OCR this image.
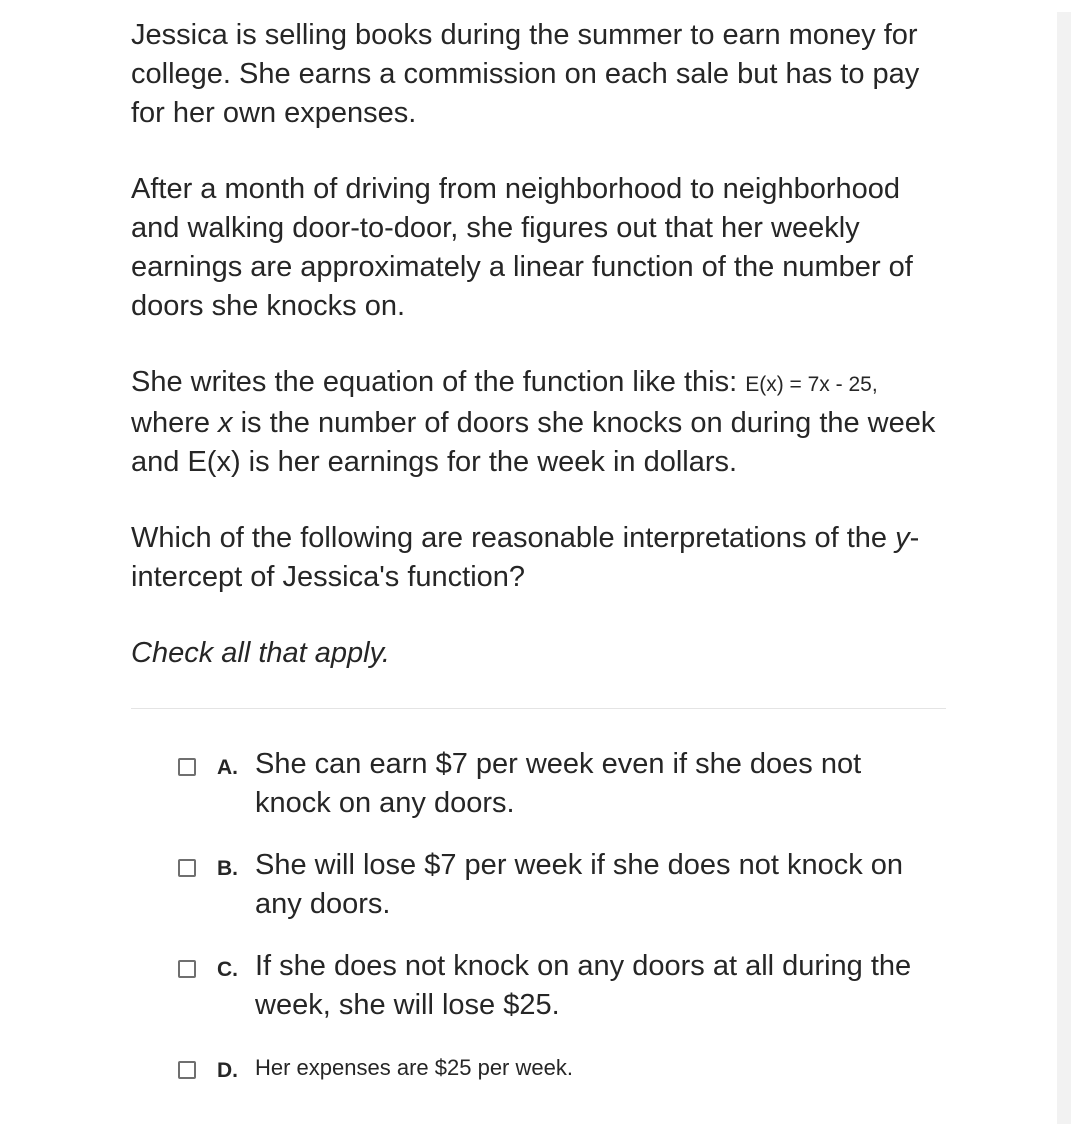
Jessica is selling books during the summer to earn money for college. She earns a commission on each sale but has to pay for her own expenses.

After a month of driving from neighborhood to neighborhood and walking door-to-door, she figures out that her weekly earnings are approximately a linear function of the number of doors she knocks on.

She writes the equation of the function like this: E(x) = 7x - 25,
where x is the number of doors she knocks on during the week and E(x) is her earnings for the week in dollars.

Which of the following are reasonable interpretations of the y-intercept of Jessica's function?

Check all that apply.

A. She can earn $7 per week even if she does not knock on any doors.
B. She will lose $7 per week if she does not knock on any doors.
C. If she does not knock on any doors at all during the week, she will lose $25.
D. Her expenses are $25 per week.
